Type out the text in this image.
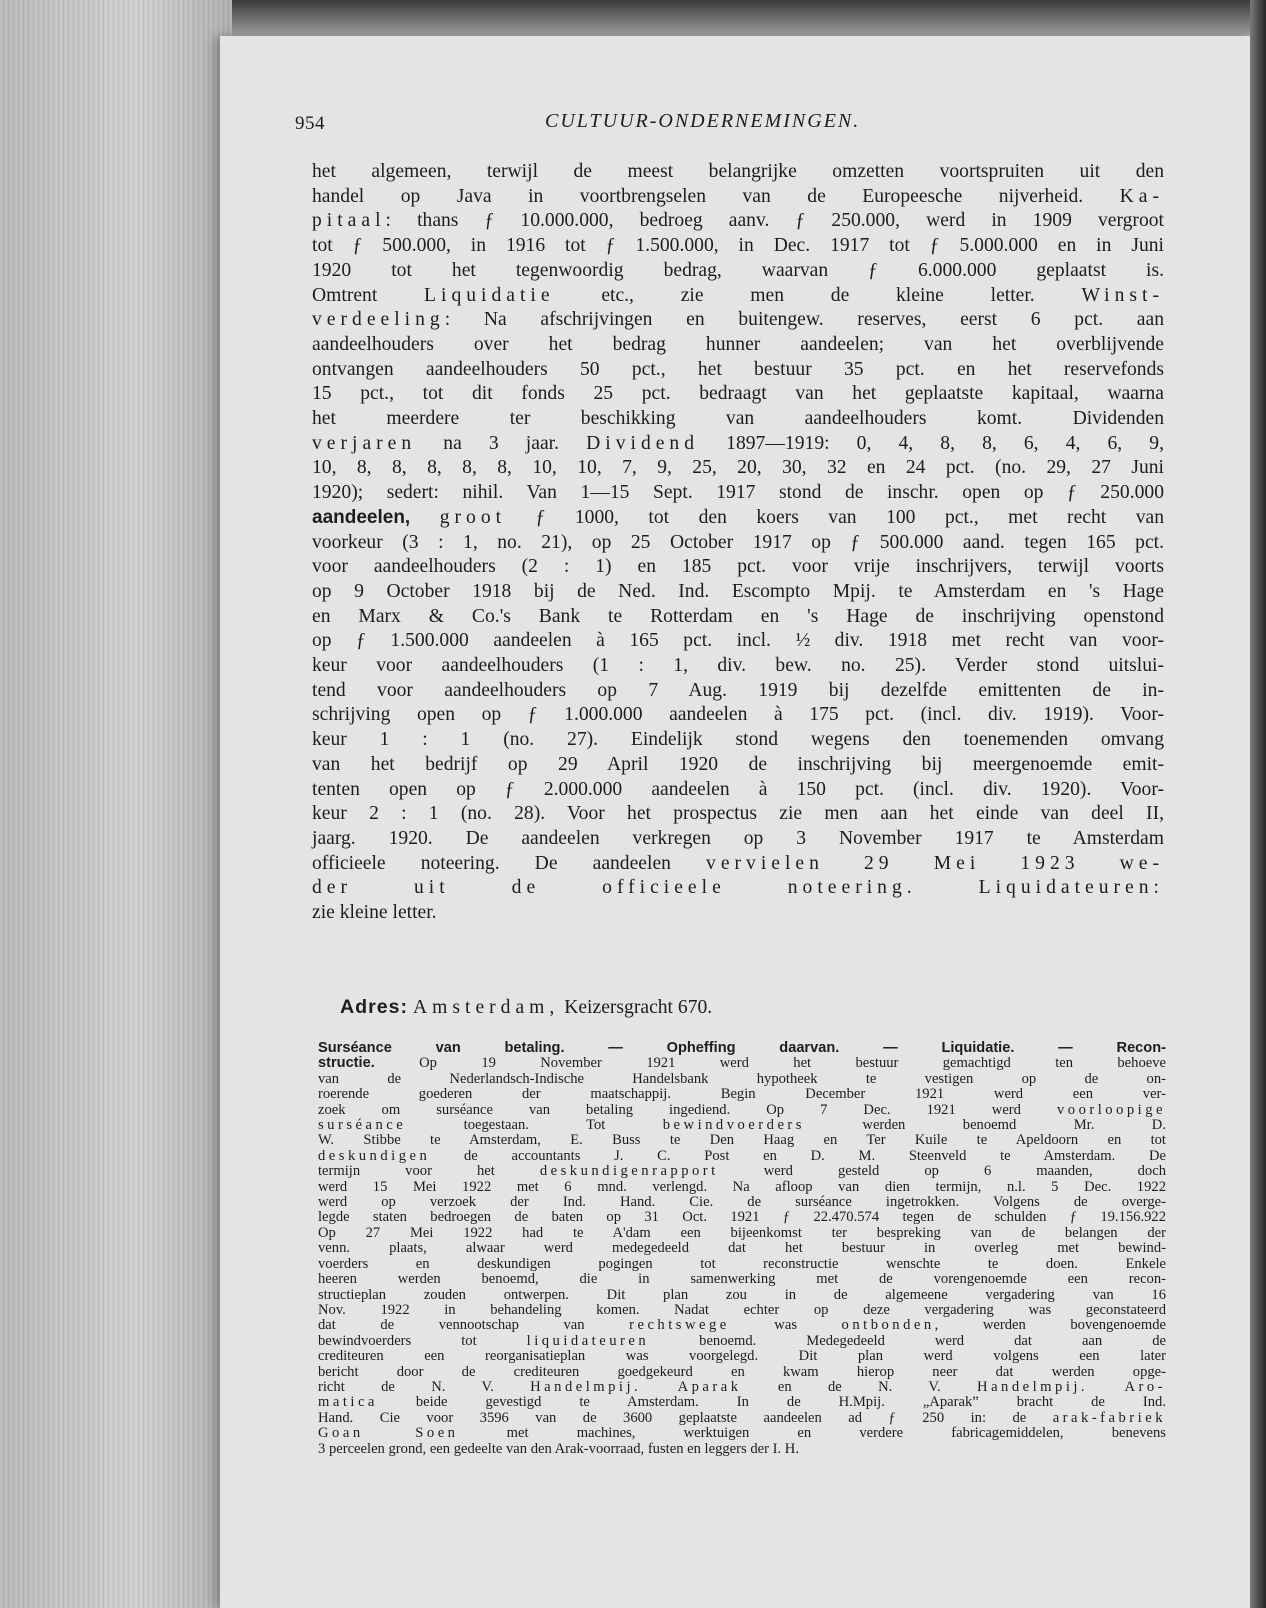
954	CULTUUR-ONDERNEMINGEN.
het algemeen, terwijl de meest belangrijke omzetten voortspruiten uit den
handel op Java in voortbrengselen van de Europeesche nijverheid. Ka-
pitaal: thans ƒ 10.000.000, bedroeg aanv. ƒ 250.000, werd in 1909 vergroot
tot ƒ 500.000, in 1916 tot ƒ 1.500.000, in Dec. 1917 tot ƒ 5.000.000 en in Juni
1920 tot het tegenwoordig bedrag, waarvan ƒ 6.000.000 geplaatst is.
Omtrent Liquidatie etc., zie men de kleine letter. Winst-
verdeeling: Na afschrijvingen en buitengew. reserves, eerst 6 pct. aan
aandeelhouders over het bedrag hunner aandeelen; van het overblijvende
ontvangen aandeelhouders 50 pct., het bestuur 35 pct. en het reservefonds
15 pct., tot dit fonds 25 pct. bedraagt van het geplaatste kapitaal, waarna
het meerdere ter beschikking van aandeelhouders komt. Dividenden
verjaren na 3 jaar. Dividend 1897—1919: 0, 4, 8, 8, 6, 4, 6, 9,
10, 8, 8, 8, 8, 8, 10, 10, 7, 9, 25, 20, 30, 32 en 24 pct. (no. 29, 27 Juni
1920); sedert: nihil. Van 1—15 Sept. 1917 stond de inschr. open op ƒ 250.000
aandeelen, groot ƒ 1000, tot den koers van 100 pct., met recht van
voorkeur (3 : 1, no. 21), op 25 October 1917 op ƒ 500.000 aand. tegen 165 pct.
voor aandeelhouders (2 : 1) en 185 pct. voor vrije inschrijvers, terwijl voorts
op 9 October 1918 bij de Ned. Ind. Escompto Mpij. te Amsterdam en 's Hage
en Marx & Co.'s Bank te Rotterdam en 's Hage de inschrijving openstond
op ƒ 1.500.000 aandeelen à 165 pct. incl. ½ div. 1918 met recht van voor-
keur voor aandeelhouders (1 : 1, div. bew. no. 25). Verder stond uitslui-
tend voor aandeelhouders op 7 Aug. 1919 bij dezelfde emittenten de in-
schrijving open op ƒ 1.000.000 aandeelen à 175 pct. (incl. div. 1919). Voor-
keur 1 : 1 (no. 27). Eindelijk stond wegens den toenemenden omvang
van het bedrijf op 29 April 1920 de inschrijving bij meergenoemde emit-
tenten open op ƒ 2.000.000 aandeelen à 150 pct. (incl. div. 1920). Voor-
keur 2 : 1 (no. 28). Voor het prospectus zie men aan het einde van deel II,
jaarg. 1920. De aandeelen verkregen op 3 November 1917 te Amsterdam
officieele noteering. De aandeelen vervielen 29 Mei 1923 we-
der uit de officieele noteering. Liquidateuren:
zie kleine letter.
Adres: Amsterdam, Keizersgracht 670.
Surséance van betaling. — Opheffing daarvan. — Liquidatie. — Recon-
structie. Op 19 November 1921 werd het bestuur gemachtigd ten behoeve
van de Nederlandsch-Indische Handelsbank hypotheek te vestigen op de on-
roerende goederen der maatschappij. Begin December 1921 werd een ver-
zoek om surséance van betaling ingediend. Op 7 Dec. 1921 werd voorloopige
surséance toegestaan. Tot bewindvoerders werden benoemd Mr. D.
W. Stibbe te Amsterdam, E. Buss te Den Haag en Ter Kuile te Apeldoorn en tot
deskundigen de accountants J. C. Post en D. M. Steenveld te Amsterdam. De
termijn voor het deskundigenrapport werd gesteld op 6 maanden, doch
werd 15 Mei 1922 met 6 mnd. verlengd. Na afloop van dien termijn, n.l. 5 Dec. 1922
werd op verzoek der Ind. Hand. Cie. de surséance ingetrokken. Volgens de overge-
legde staten bedroegen de baten op 31 Oct. 1921 ƒ 22.470.574 tegen de schulden ƒ 19.156.922
Op 27 Mei 1922 had te A'dam een bijeenkomst ter bespreking van de belangen der
venn. plaats, alwaar werd medegedeeld dat het bestuur in overleg met bewind-
voerders en deskundigen pogingen tot reconstructie wenschte te doen. Enkele
heeren werden benoemd, die in samenwerking met de vorengenoemde een recon-
structieplan zouden ontwerpen. Dit plan zou in de algemeene vergadering van 16
Nov. 1922 in behandeling komen. Nadat echter op deze vergadering was geconstateerd
dat de vennootschap van rechtswege was ontbonden, werden bovengenoemde
bewindvoerders tot liquidateuren benoemd. Medegedeeld werd dat aan de
crediteuren een reorganisatieplan was voorgelegd. Dit plan werd volgens een later
bericht door de crediteuren goedgekeurd en kwam hierop neer dat werden opge-
richt de N. V. Handelmpij. Aparak en de N. V. Handelmpij. Aro-
matica beide gevestigd te Amsterdam. In de H.Mpij. „Aparak” bracht de Ind.
Hand. Cie voor 3596 van de 3600 geplaatste aandeelen ad ƒ 250 in: de arak-fabriek
Goan Soen met machines, werktuigen en verdere fabricagemiddelen, benevens
3 perceelen grond, een gedeelte van den Arak-voorraad, fusten en leggers der I. H.
